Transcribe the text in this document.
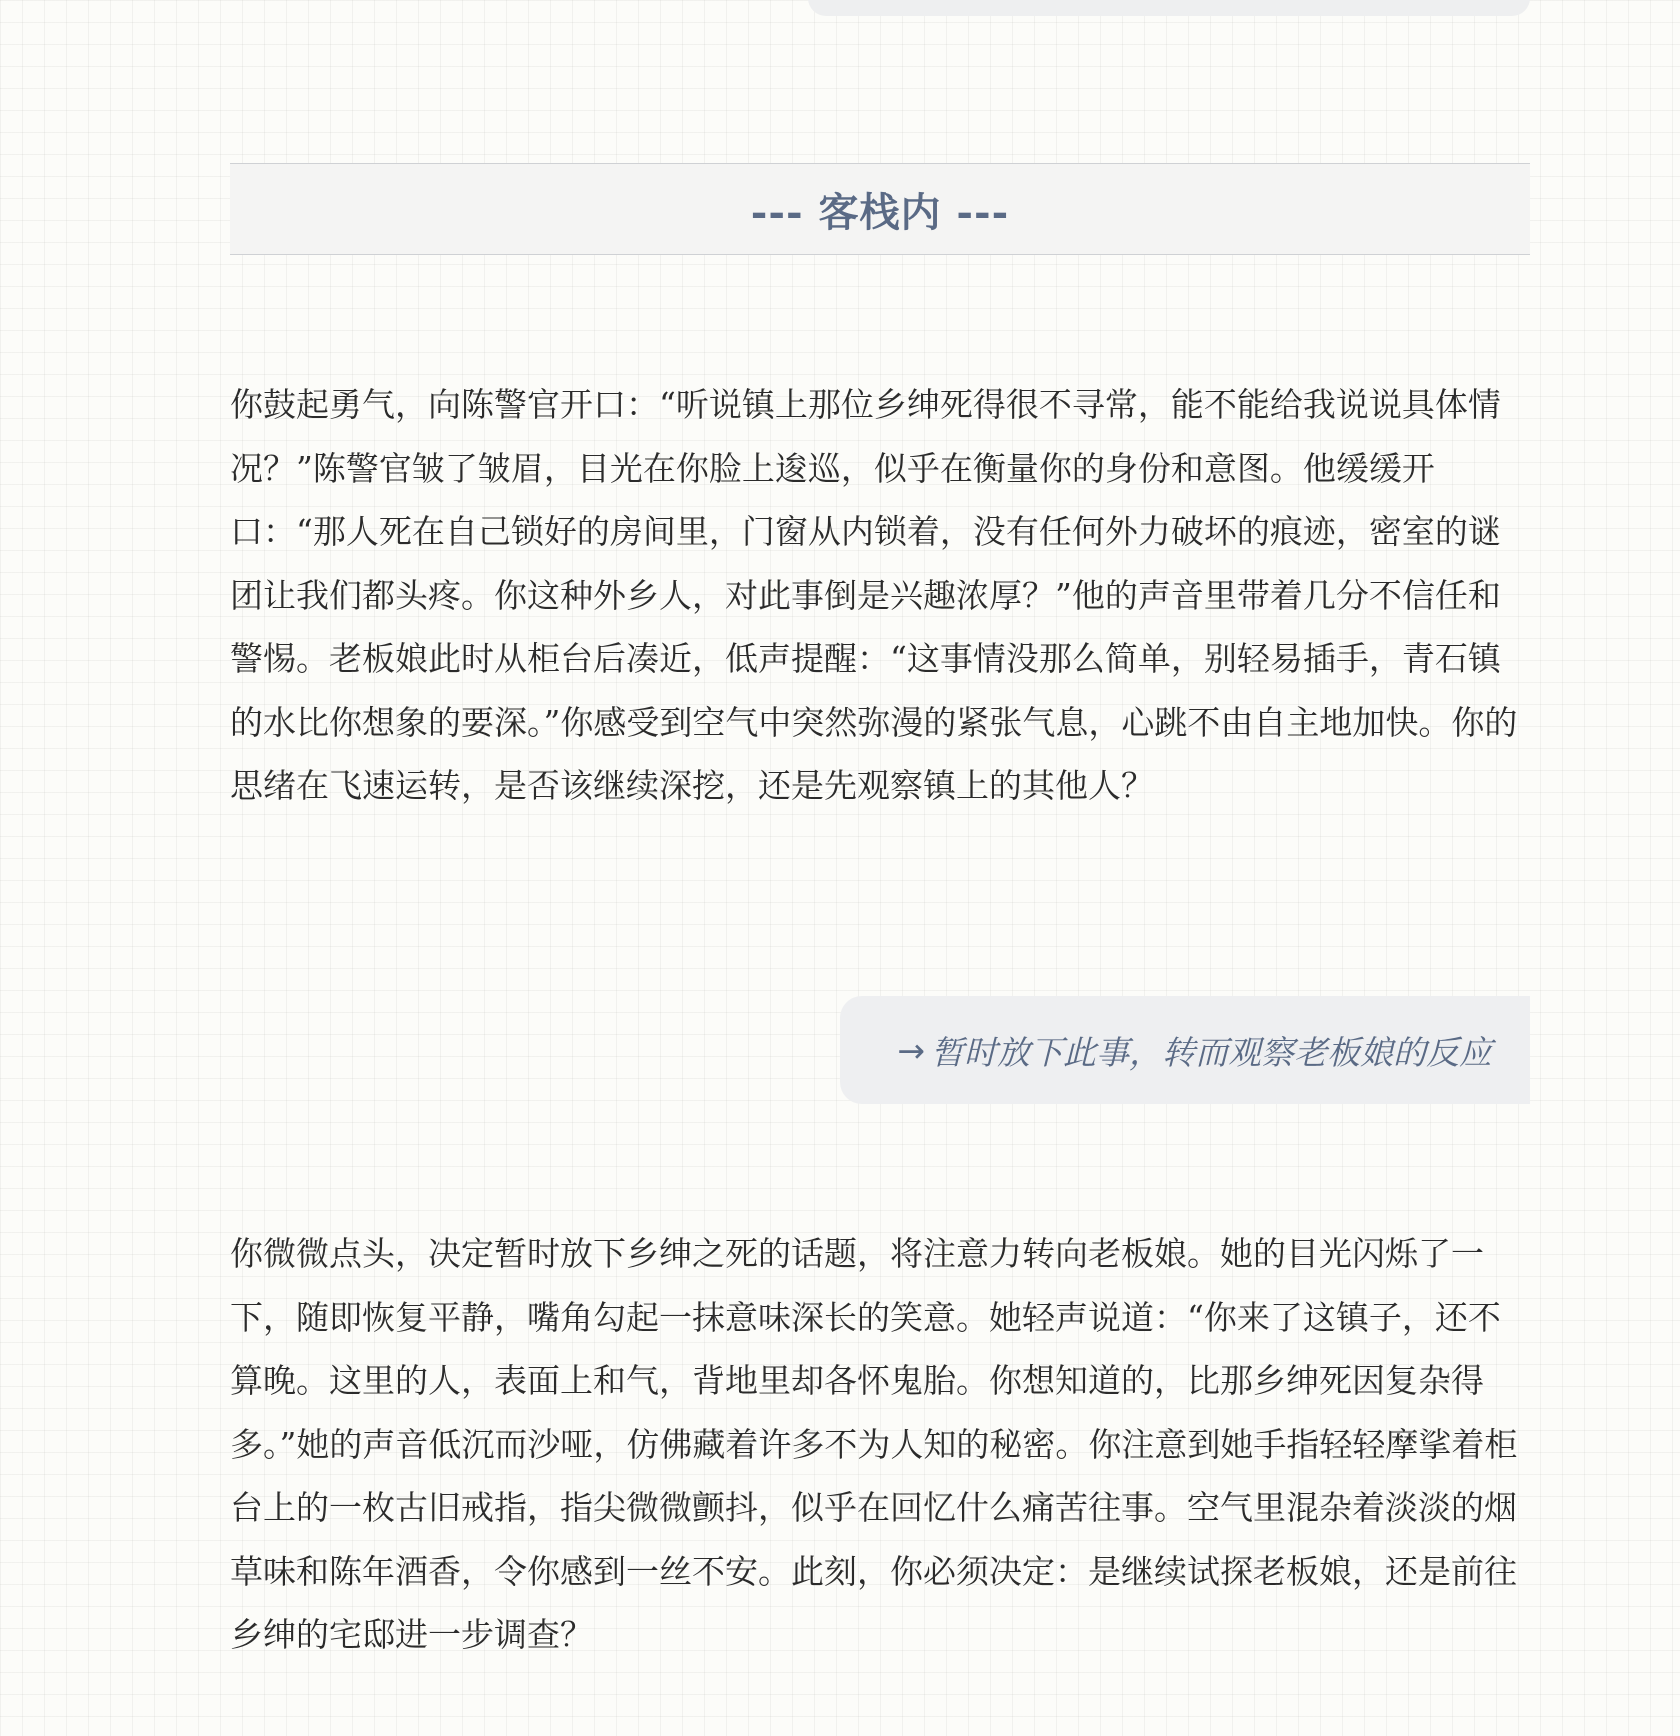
--- 客栈内 ---

你鼓起勇气，向陈警官开口：“听说镇上那位乡绅死得很不寻常，能不能给我说说具体情况？”陈警官皱了皱眉，目光在你脸上逡巡，似乎在衡量你的身份和意图。他缓缓开口：“那人死在自己锁好的房间里，门窗从内锁着，没有任何外力破坏的痕迹，密室的谜团让我们都头疼。你这种外乡人，对此事倒是兴趣浓厚？”他的声音里带着几分不信任和警惕。老板娘此时从柜台后凑近，低声提醒：“这事情没那么简单，别轻易插手，青石镇的水比你想象的要深。”你感受到空气中突然弥漫的紧张气息，心跳不由自主地加快。你的思绪在飞速运转，是否该继续深挖，还是先观察镇上的其他人？

→ 暂时放下此事，转而观察老板娘的反应

你微微点头，决定暂时放下乡绅之死的话题，将注意力转向老板娘。她的目光闪烁了一下，随即恢复平静，嘴角勾起一抹意味深长的笑意。她轻声说道：“你来了这镇子，还不算晚。这里的人，表面上和气，背地里却各怀鬼胎。你想知道的，比那乡绅死因复杂得多。”她的声音低沉而沙哑，仿佛藏着许多不为人知的秘密。你注意到她手指轻轻摩挲着柜台上的一枚古旧戒指，指尖微微颤抖，似乎在回忆什么痛苦往事。空气里混杂着淡淡的烟草味和陈年酒香，令你感到一丝不安。此刻，你必须决定：是继续试探老板娘，还是前往乡绅的宅邸进一步调查？
